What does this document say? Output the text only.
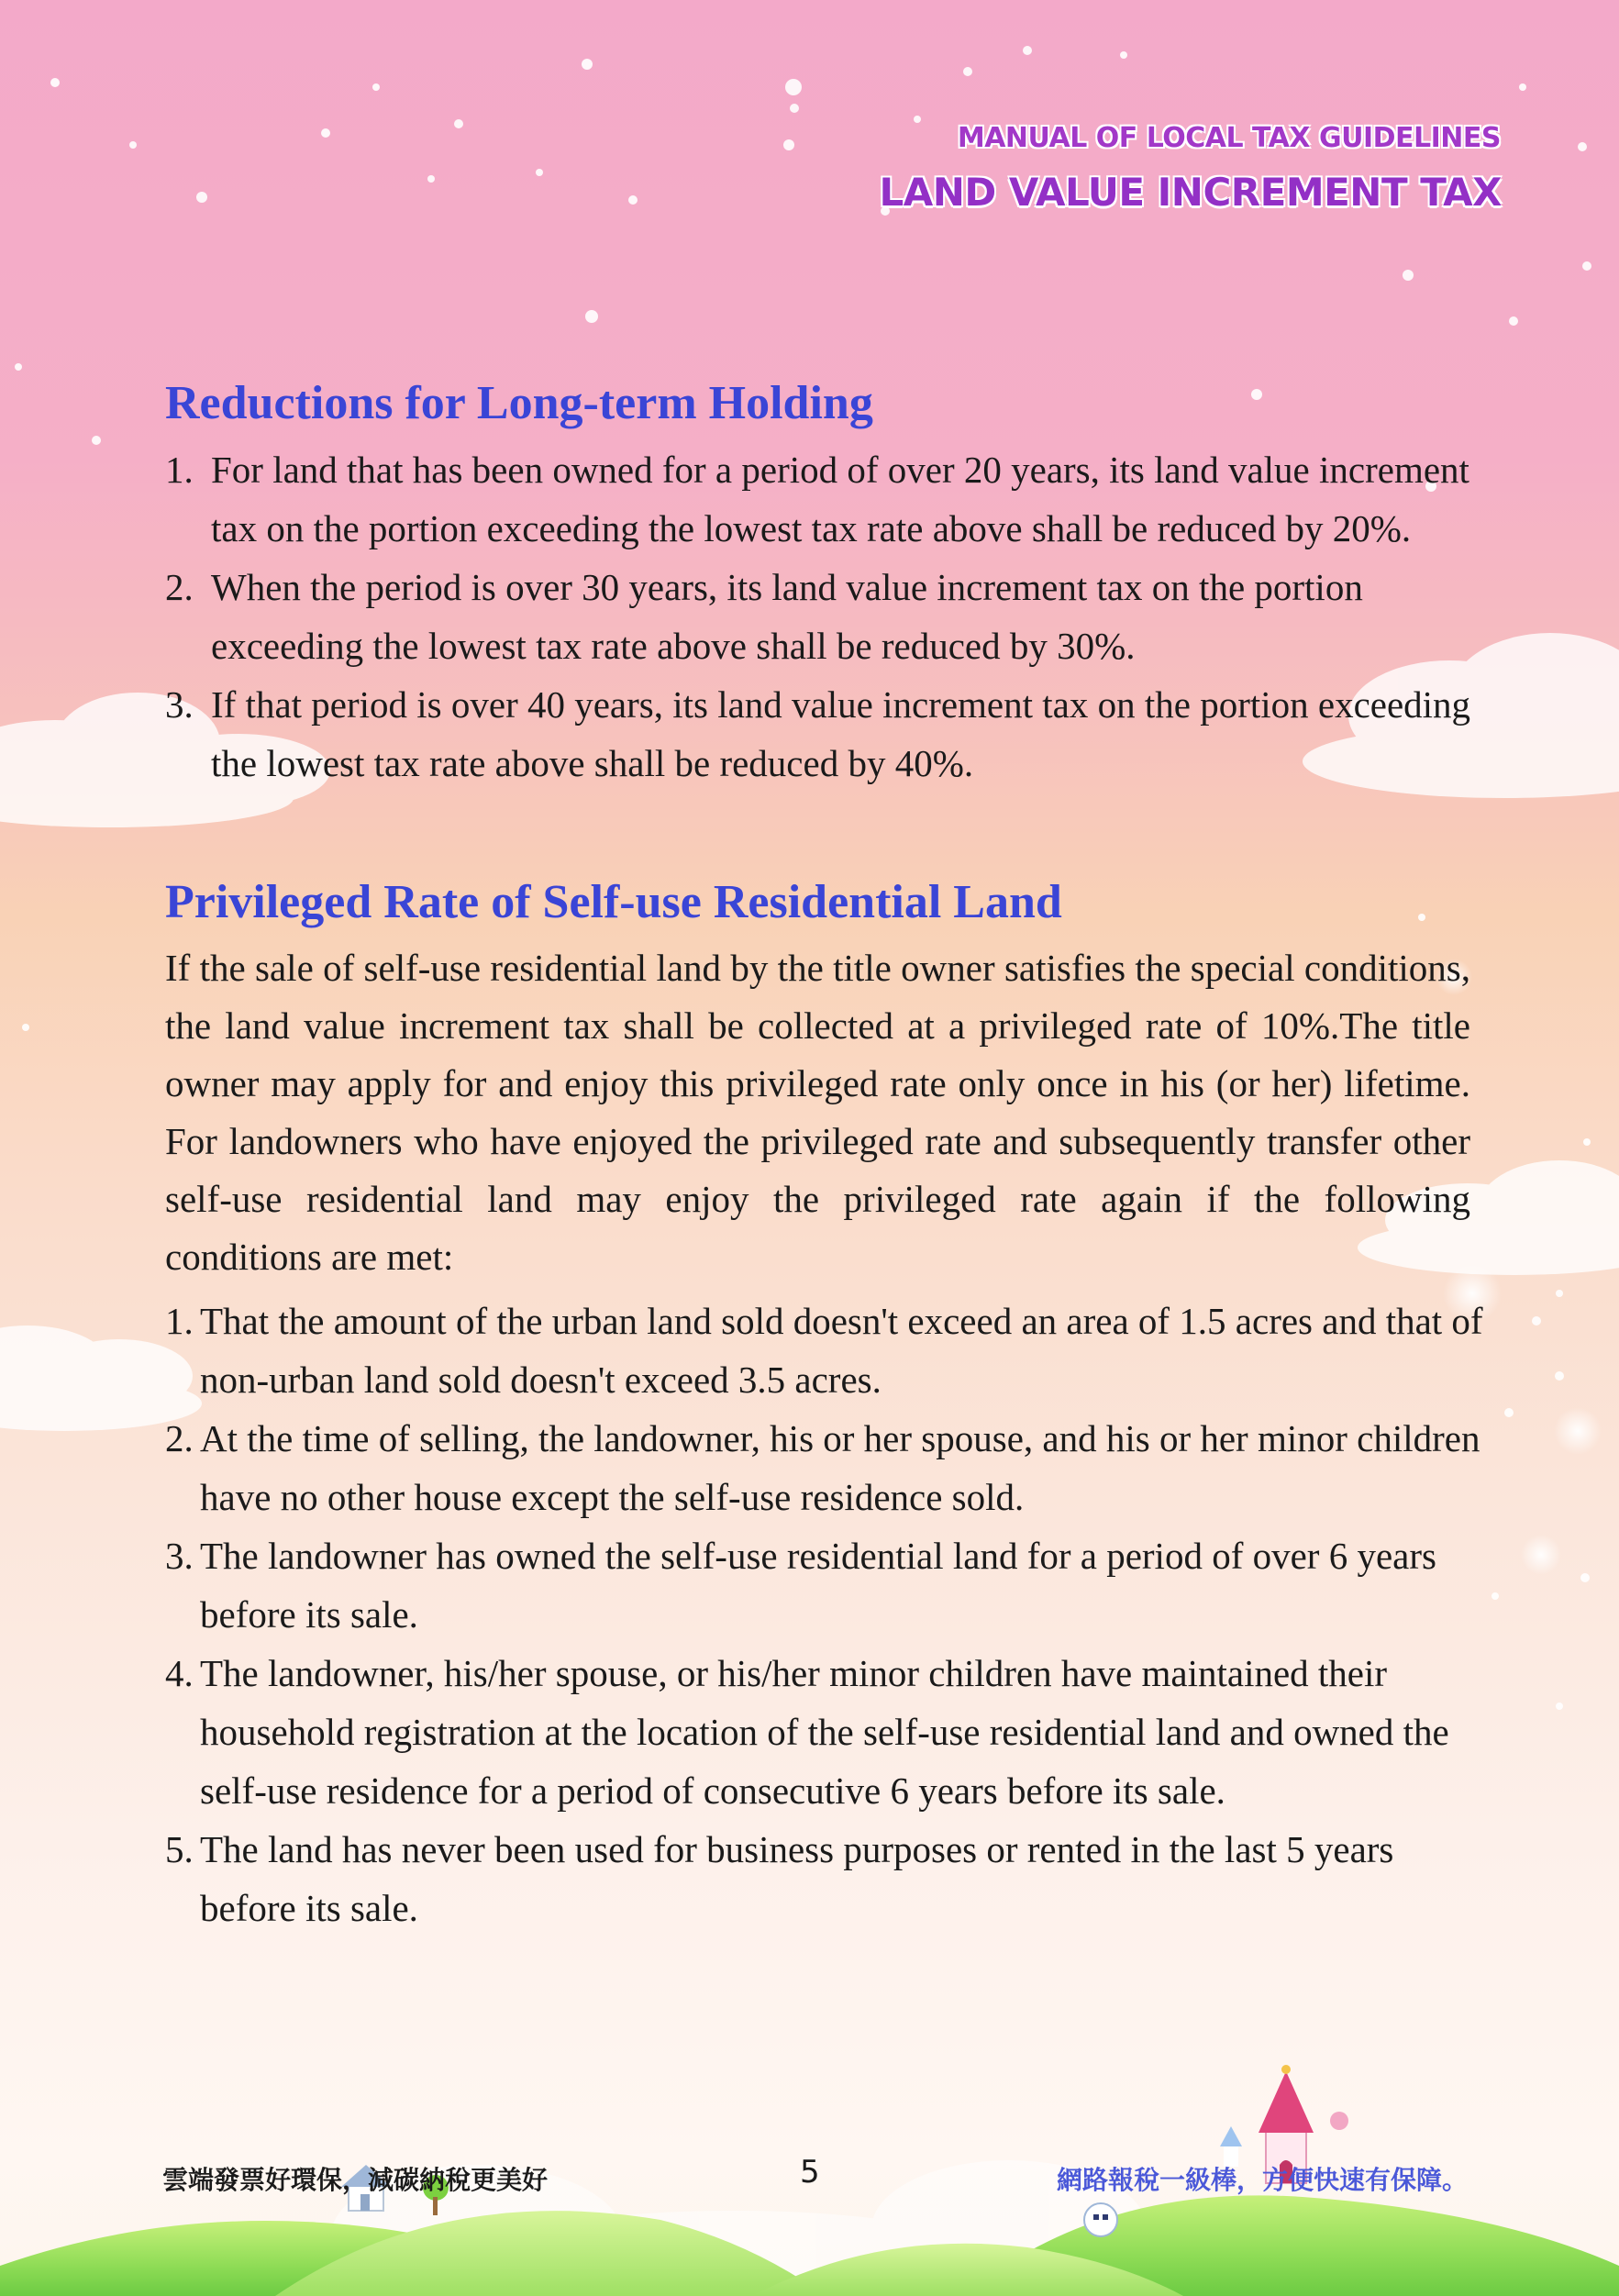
MANUAL OF LOCAL TAX GUIDELINES
LAND VALUE INCREMENT TAX
Reductions for Long-term Holding
1. For land that has been owned for a period of over 20 years, its land value increment tax on the portion exceeding the lowest tax rate above shall be reduced by 20%.
2. When the period is over 30 years, its land value increment tax on the portion exceeding the lowest tax rate above shall be reduced by 30%.
3. If that period is over 40 years, its land value increment tax on the portion exceeding the lowest tax rate above shall be reduced by 40%.
Privileged Rate of Self-use Residential Land

If the sale of self-use residential land by the title owner satisfies the special conditions, the land value increment tax shall be collected at a privileged rate of 10%.The title owner may apply for and enjoy this privileged rate only once in his (or her) lifetime. For landowners who have enjoyed the privileged rate and subsequently transfer other self-use residential land may enjoy the privileged rate again if the following conditions are met:

1. That the amount of the urban land sold doesn't exceed an area of 1.5 acres and that of non-urban land sold doesn't exceed 3.5 acres.
2. At the time of selling, the landowner, his or her spouse, and his or her minor children have no other house except the self-use residence sold.
3. The landowner has owned the self-use residential land for a period of over 6 years before its sale.
4. The landowner, his/her spouse, or his/her minor children have maintained their household registration at the location of the self-use residential land and owned the self-use residence for a period of consecutive 6 years before its sale.
5. The land has never been used for business purposes or rented in the last 5 years before its sale.
雲端發票好環保，減碳納稅更美好	5	網路報稅一級棒，方便快速有保障。
